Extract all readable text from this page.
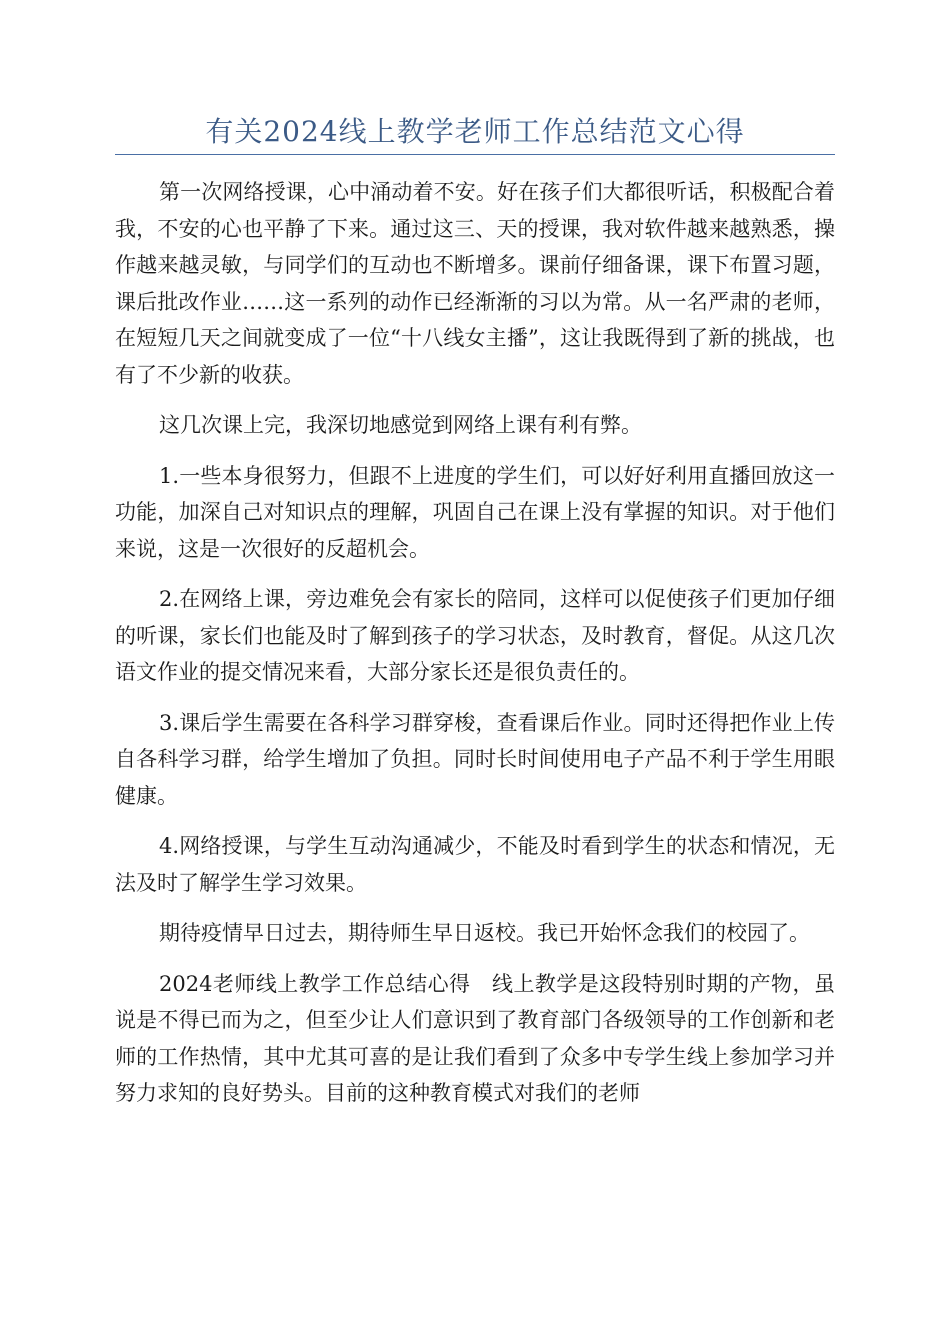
有关2024线上教学老师工作总结范文心得

第一次网络授课，心中涌动着不安。好在孩子们大都很听话，积极配合着我，不安的心也平静了下来。通过这三、天的授课，我对软件越来越熟悉，操作越来越灵敏，与同学们的互动也不断增多。课前仔细备课，课下布置习题，课后批改作业……这一系列的动作已经渐渐的习以为常。从一名严肃的老师，在短短几天之间就变成了一位“十八线女主播”，这让我既得到了新的挑战，也有了不少新的收获。

这几次课上完，我深切地感觉到网络上课有利有弊。

1.一些本身很努力，但跟不上进度的学生们，可以好好利用直播回放这一功能，加深自己对知识点的理解，巩固自己在课上没有掌握的知识。对于他们来说，这是一次很好的反超机会。

2.在网络上课，旁边难免会有家长的陪同，这样可以促使孩子们更加仔细的听课，家长们也能及时了解到孩子的学习状态，及时教育，督促。从这几次语文作业的提交情况来看，大部分家长还是很负责任的。

3.课后学生需要在各科学习群穿梭，查看课后作业。同时还得把作业上传自各科学习群，给学生增加了负担。同时长时间使用电子产品不利于学生用眼健康。

4.网络授课，与学生互动沟通减少，不能及时看到学生的状态和情况，无法及时了解学生学习效果。

期待疫情早日过去，期待师生早日返校。我已开始怀念我们的校园了。

2024老师线上教学工作总结心得　线上教学是这段特别时期的产物，虽说是不得已而为之，但至少让人们意识到了教育部门各级领导的工作创新和老师的工作热情，其中尤其可喜的是让我们看到了众多中专学生线上参加学习并努力求知的良好势头。目前的这种教育模式对我们的老师
